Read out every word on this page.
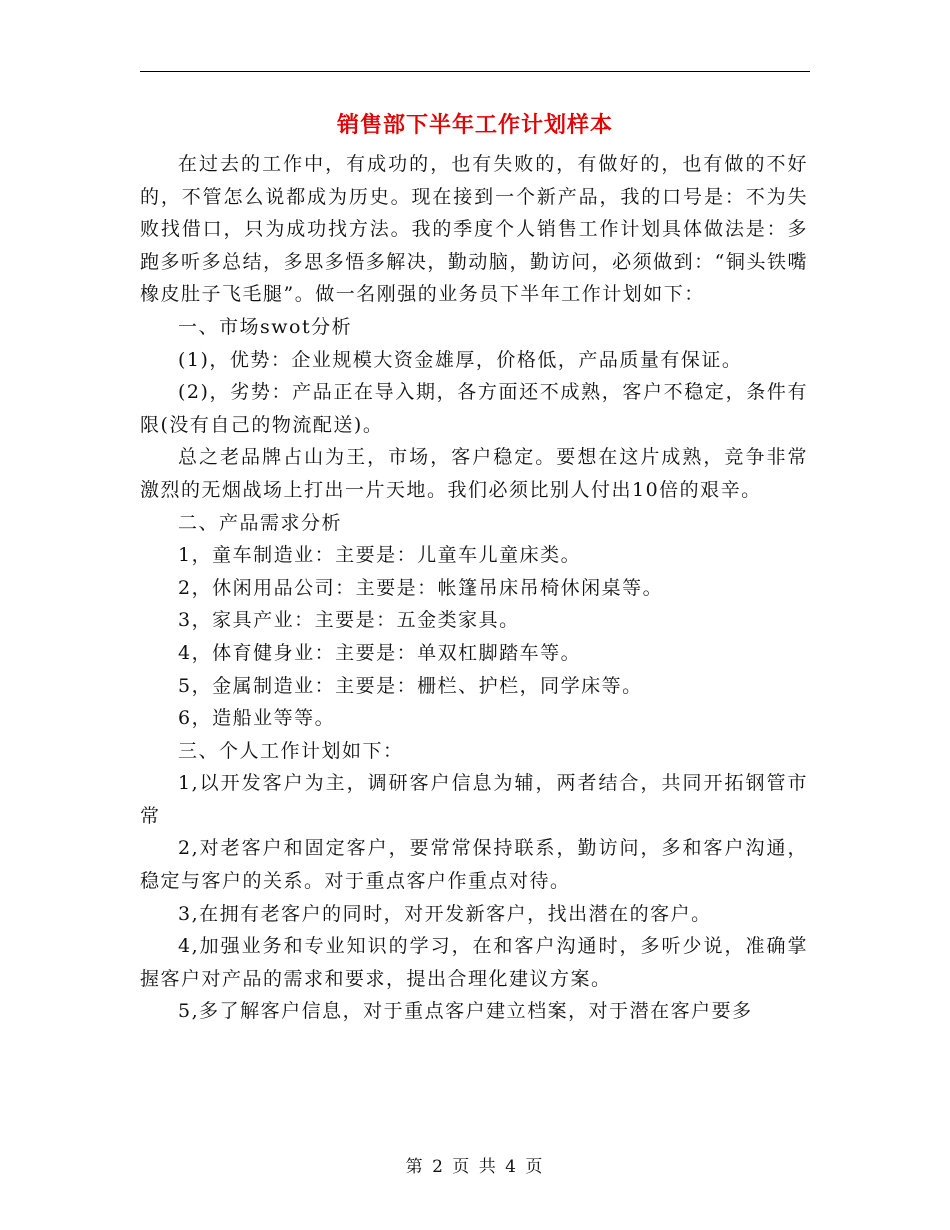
销售部下半年工作计划样本

在过去的工作中，有成功的，也有失败的，有做好的，也有做的不好的，不管怎么说都成为历史。现在接到一个新产品，我的口号是：不为失败找借口，只为成功找方法。我的季度个人销售工作计划具体做法是：多跑多听多总结，多思多悟多解决，勤动脑，勤访问，必须做到：“铜头铁嘴橡皮肚子飞毛腿”。做一名刚强的业务员下半年工作计划如下：

一、市场swot分析

(1)，优势：企业规模大资金雄厚，价格低，产品质量有保证。

(2)，劣势：产品正在导入期，各方面还不成熟，客户不稳定，条件有限(没有自己的物流配送)。

总之老品牌占山为王，市场，客户稳定。要想在这片成熟，竞争非常激烈的无烟战场上打出一片天地。我们必须比别人付出10倍的艰辛。

二、产品需求分析

1，童车制造业：主要是：儿童车儿童床类。

2，休闲用品公司：主要是：帐篷吊床吊椅休闲桌等。

3，家具产业：主要是：五金类家具。

4，体育健身业：主要是：单双杠脚踏车等。

5，金属制造业：主要是：栅栏、护栏，同学床等。

6，造船业等等。

三、个人工作计划如下：

1,以开发客户为主，调研客户信息为辅，两者结合，共同开拓钢管市常

2,对老客户和固定客户，要常常保持联系，勤访问，多和客户沟通，稳定与客户的关系。对于重点客户作重点对待。

3,在拥有老客户的同时，对开发新客户，找出潜在的客户。

4,加强业务和专业知识的学习，在和客户沟通时，多听少说，准确掌握客户对产品的需求和要求，提出合理化建议方案。

5,多了解客户信息，对于重点客户建立档案，对于潜在客户要多

第 2 页 共 4 页
